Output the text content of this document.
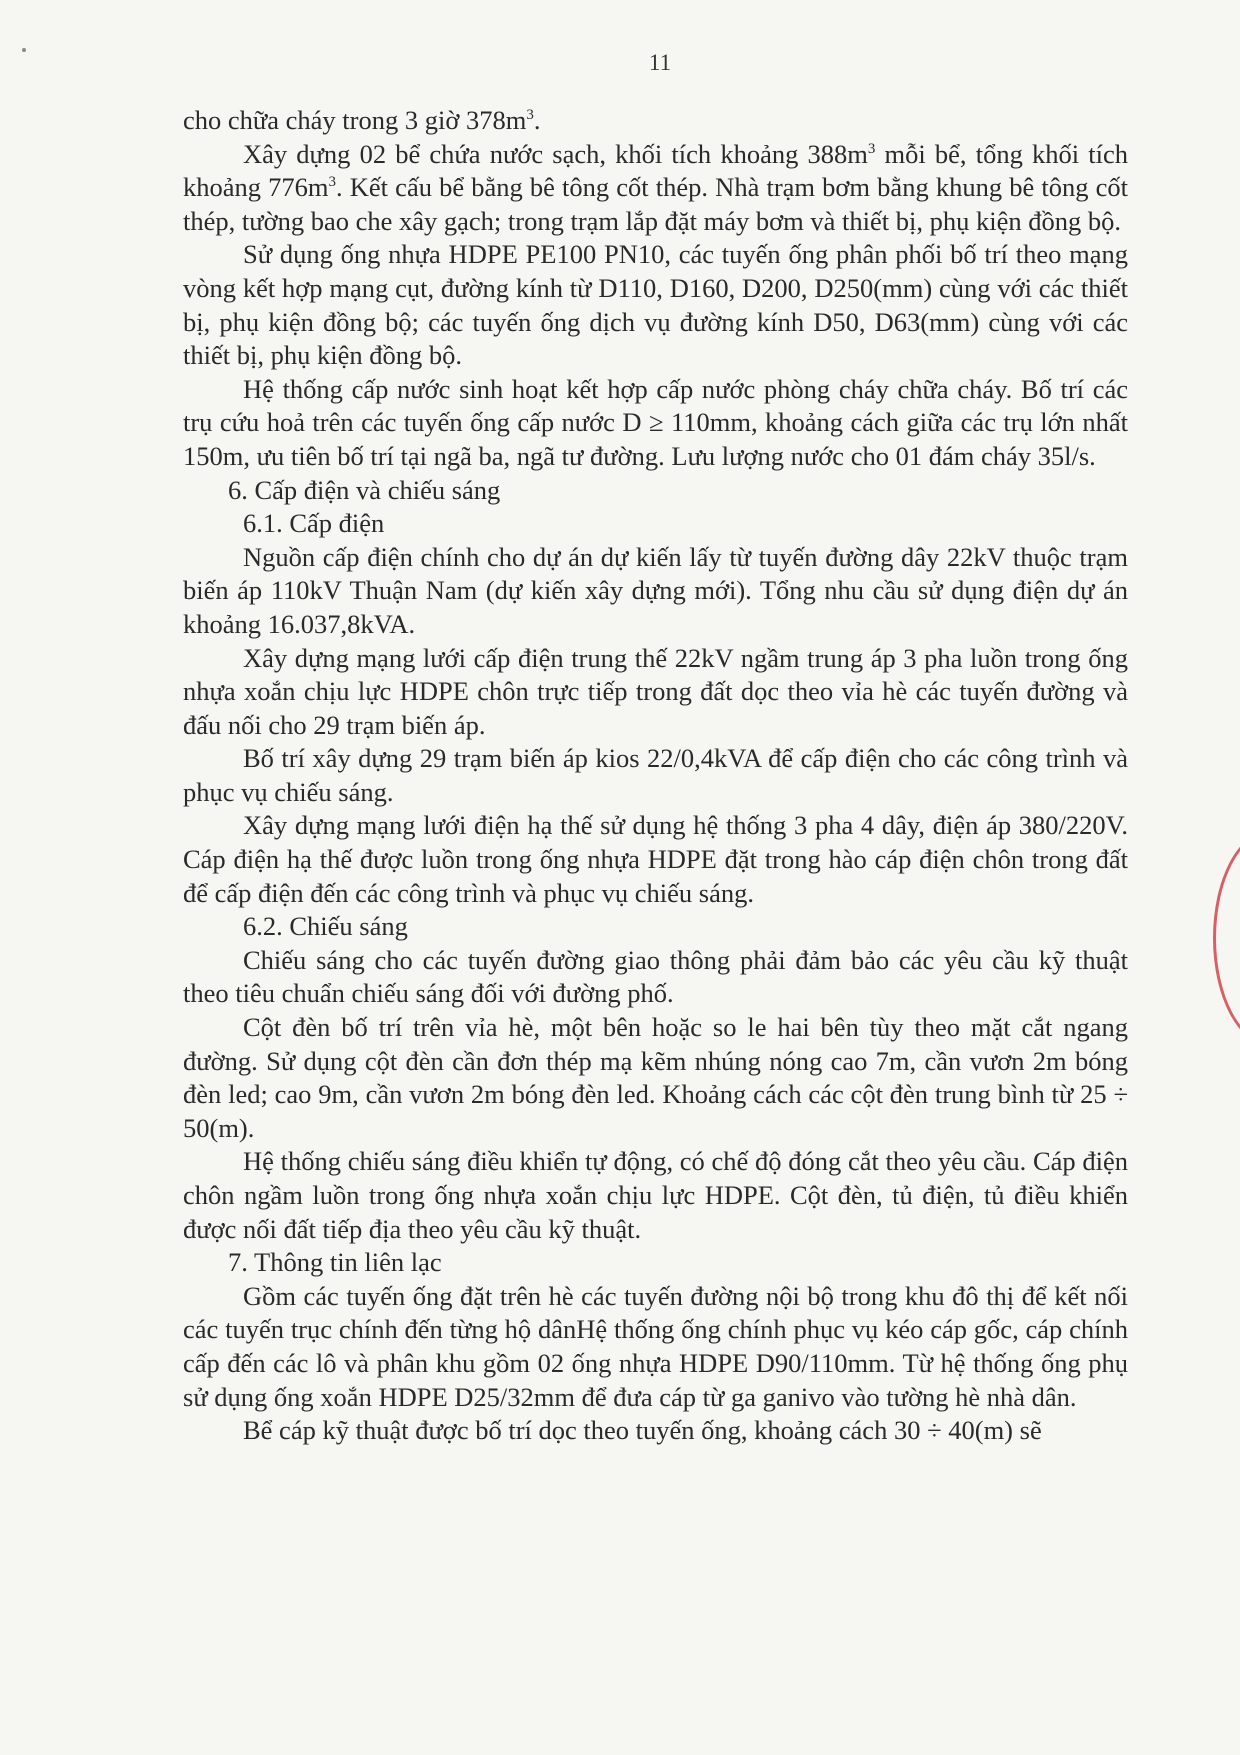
11

cho chữa cháy trong 3 giờ $378m^3$.

Xây dựng 02 bể chứa nước sạch, khối tích khoảng $388m^3$ mỗi bể, tổng khối tích khoảng $776m^3$. Kết cấu bể bằng bê tông cốt thép. Nhà trạm bơm bằng khung bê tông cốt thép, tường bao che xây gạch; trong trạm lắp đặt máy bơm và thiết bị, phụ kiện đồng bộ.

Sử dụng ống nhựa HDPE PE100 PN10, các tuyến ống phân phối bố trí theo mạng vòng kết hợp mạng cụt, đường kính từ D110, D160, D200, D250(mm) cùng với các thiết bị, phụ kiện đồng bộ; các tuyến ống dịch vụ đường kính D50, D63(mm) cùng với các thiết bị, phụ kiện đồng bộ.

Hệ thống cấp nước sinh hoạt kết hợp cấp nước phòng cháy chữa cháy. Bố trí các trụ cứu hoả trên các tuyến ống cấp nước D ≥ 110mm, khoảng cách giữa các trụ lớn nhất 150m, ưu tiên bố trí tại ngã ba, ngã tư đường. Lưu lượng nước cho 01 đám cháy 35l/s.

6. Cấp điện và chiếu sáng

6.1. Cấp điện

Nguồn cấp điện chính cho dự án dự kiến lấy từ tuyến đường dây 22kV thuộc trạm biến áp 110kV Thuận Nam (dự kiến xây dựng mới). Tổng nhu cầu sử dụng điện dự án khoảng 16.037,8kVA.

Xây dựng mạng lưới cấp điện trung thế 22kV ngầm trung áp 3 pha luồn trong ống nhựa xoắn chịu lực HDPE chôn trực tiếp trong đất dọc theo vỉa hè các tuyến đường và đấu nối cho 29 trạm biến áp.

Bố trí xây dựng 29 trạm biến áp kios 22/0,4kVA để cấp điện cho các công trình và phục vụ chiếu sáng.

Xây dựng mạng lưới điện hạ thế sử dụng hệ thống 3 pha 4 dây, điện áp 380/220V. Cáp điện hạ thế được luồn trong ống nhựa HDPE đặt trong hào cáp điện chôn trong đất để cấp điện đến các công trình và phục vụ chiếu sáng.

6.2. Chiếu sáng

Chiếu sáng cho các tuyến đường giao thông phải đảm bảo các yêu cầu kỹ thuật theo tiêu chuẩn chiếu sáng đối với đường phố.

Cột đèn bố trí trên vỉa hè, một bên hoặc so le hai bên tùy theo mặt cắt ngang đường. Sử dụng cột đèn cần đơn thép mạ kẽm nhúng nóng cao 7m, cần vươn 2m bóng đèn led; cao 9m, cần vươn 2m bóng đèn led. Khoảng cách các cột đèn trung bình từ 25 ÷ 50(m).

Hệ thống chiếu sáng điều khiển tự động, có chế độ đóng cắt theo yêu cầu. Cáp điện chôn ngầm luồn trong ống nhựa xoắn chịu lực HDPE. Cột đèn, tủ điện, tủ điều khiển được nối đất tiếp địa theo yêu cầu kỹ thuật.

7. Thông tin liên lạc

Gồm các tuyến ống đặt trên hè các tuyến đường nội bộ trong khu đô thị để kết nối các tuyến trục chính đến từng hộ dânHệ thống ống chính phục vụ kéo cáp gốc, cáp chính cấp đến các lô và phân khu gồm 02 ống nhựa HDPE D90/110mm. Từ hệ thống ống phụ sử dụng ống xoắn HDPE D25/32mm để đưa cáp từ ga ganivo vào tường hè nhà dân.

Bể cáp kỹ thuật được bố trí dọc theo tuyến ống, khoảng cách 30 ÷ 40(m) sẽ
